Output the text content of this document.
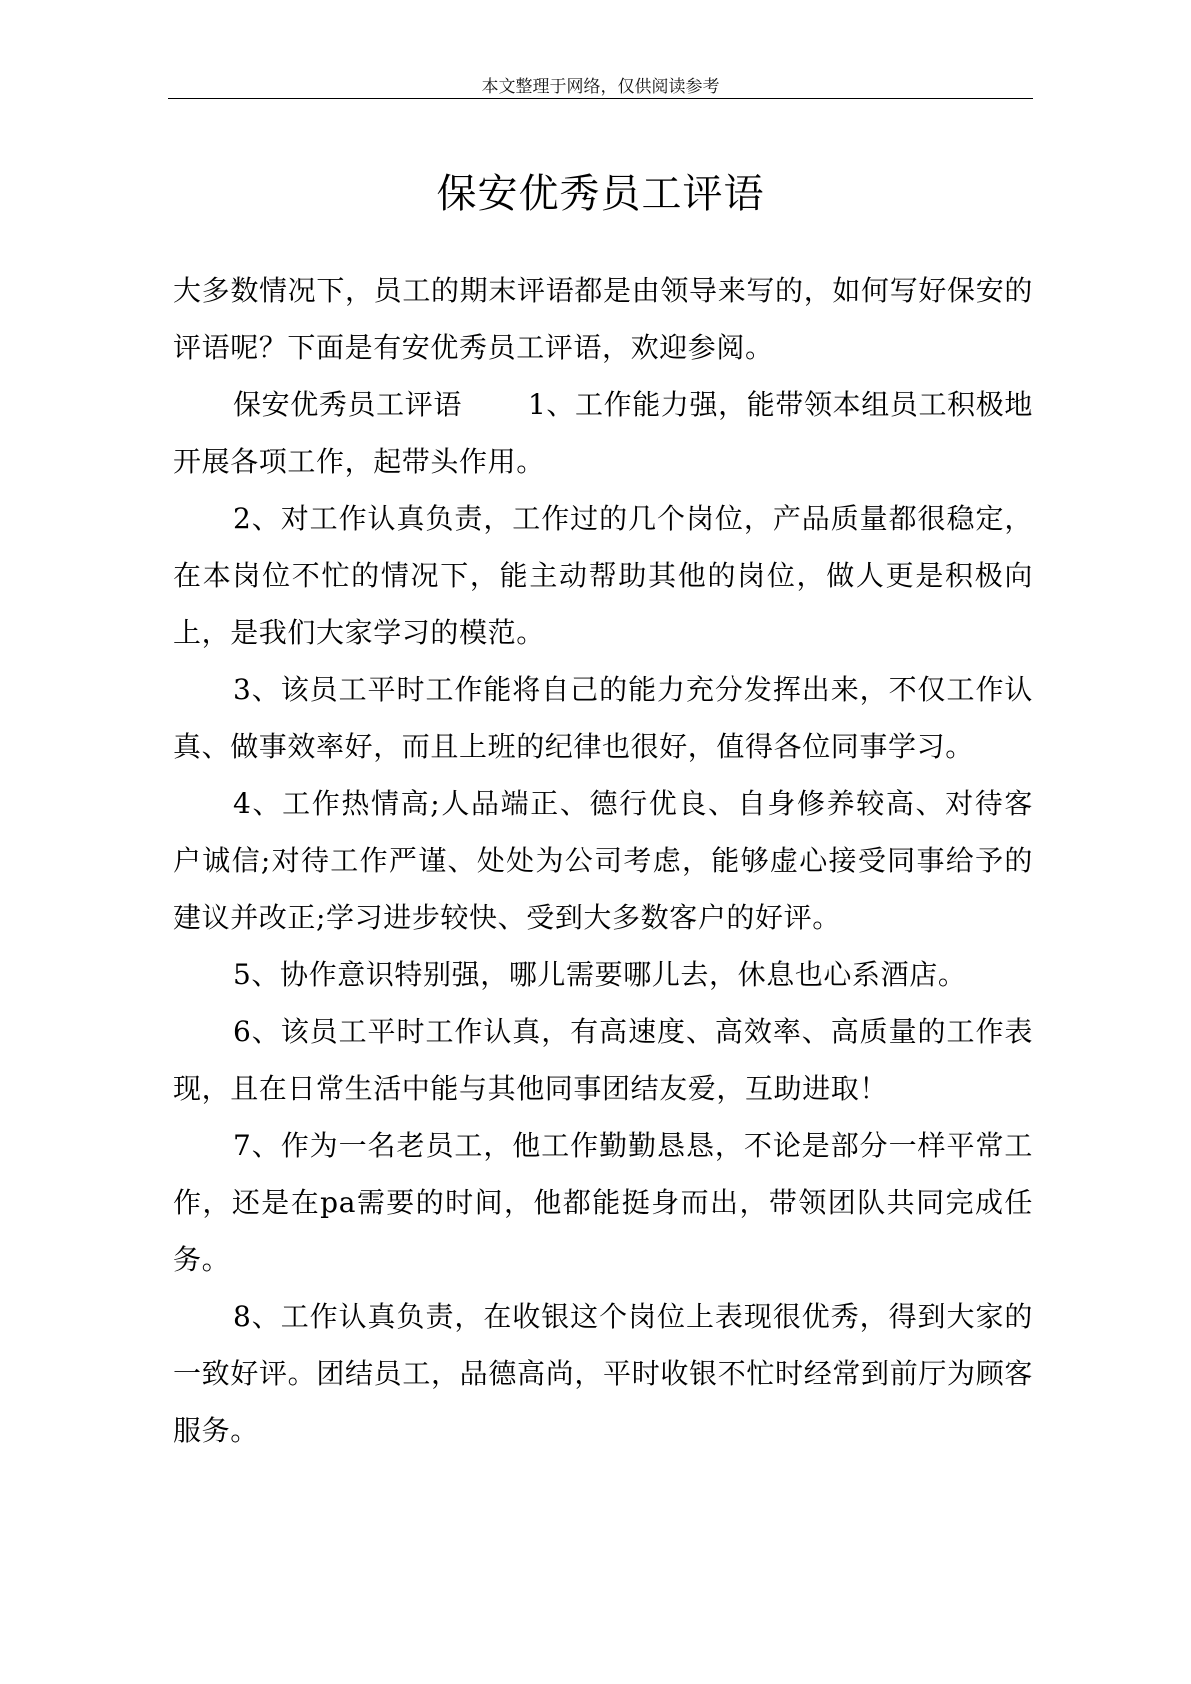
本文整理于网络，仅供阅读参考
保安优秀员工评语

大多数情况下，员工的期末评语都是由领导来写的，如何写好保安的评语呢？下面是有安优秀员工评语，欢迎参阅。

保安优秀员工评语 1、工作能力强，能带领本组员工积极地开展各项工作，起带头作用。

2、对工作认真负责，工作过的几个岗位，产品质量都很稳定，在本岗位不忙的情况下，能主动帮助其他的岗位，做人更是积极向上，是我们大家学习的模范。

3、该员工平时工作能将自己的能力充分发挥出来，不仅工作认真、做事效率好，而且上班的纪律也很好，值得各位同事学习。

4、工作热情高;人品端正、德行优良、自身修养较高、对待客户诚信;对待工作严谨、处处为公司考虑，能够虚心接受同事给予的建议并改正;学习进步较快、受到大多数客户的好评。

5、协作意识特别强，哪儿需要哪儿去，休息也心系酒店。

6、该员工平时工作认真，有高速度、高效率、高质量的工作表现，且在日常生活中能与其他同事团结友爱，互助进取！

7、作为一名老员工，他工作勤勤恳恳，不论是部分一样平常工作，还是在pa需要的时间，他都能挺身而出，带领团队共同完成任务。

8、工作认真负责，在收银这个岗位上表现很优秀，得到大家的一致好评。团结员工，品德高尚，平时收银不忙时经常到前厅为顾客服务。
